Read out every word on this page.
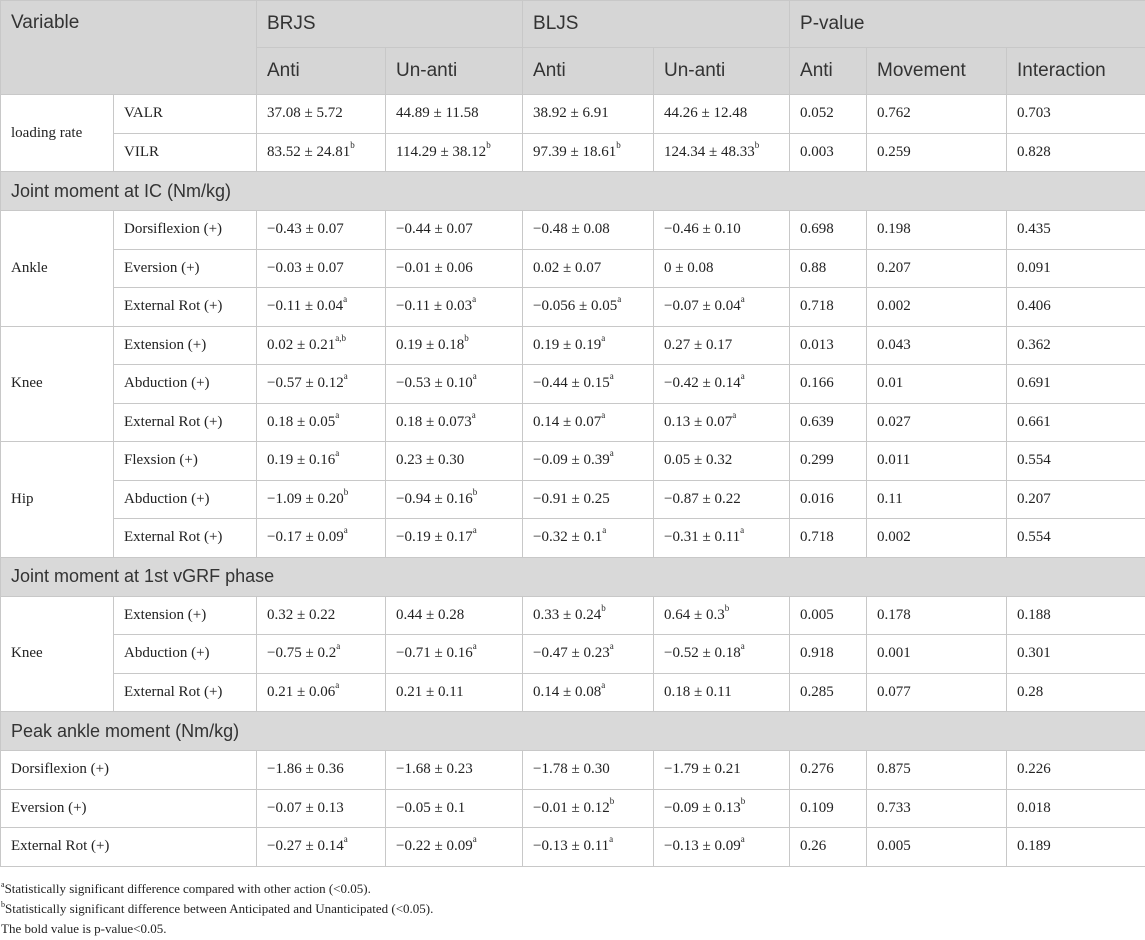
Variable		BRJS		BLJS		P-value		
		Anti	Un-anti	Anti	Un-anti	Anti	Movement	Interaction
loading rate	VALR	37.08 ± 5.72	44.89 ± 11.58	38.92 ± 6.91	44.26 ± 12.48	0.052	0.762	0.703
	VILR	83.52 ± 24.81$^b$	114.29 ± 38.12$^b$	97.39 ± 18.61$^b$	124.34 ± 48.33$^b$	0.003	0.259	0.828
Joint moment at IC (Nm/kg)								
Ankle	Dorsiflexion (+)	−0.43 ± 0.07	−0.44 ± 0.07	−0.48 ± 0.08	−0.46 ± 0.10	0.698	0.198	0.435
	Eversion (+)	−0.03 ± 0.07	−0.01 ± 0.06	0.02 ± 0.07	0 ± 0.08	0.88	0.207	0.091
	External Rot (+)	−0.11 ± 0.04$^a$	−0.11 ± 0.03$^a$	−0.056 ± 0.05$^a$	−0.07 ± 0.04$^a$	0.718	0.002	0.406
Knee	Extension (+)	$0.02 \pm 0.21^{a,b}$	0.19 ± 0.18$^b$	0.19 ± 0.19$^a$	0.27 ± 0.17	0.013	0.043	0.362
	Abduction (+)	−0.57 ± 0.12$^a$	−0.53 ± 0.10$^a$	−0.44 ± 0.15$^a$	−0.42 ± 0.14$^a$	0.166	0.01	0.691
	External Rot (+)	0.18 ± 0.05$^a$	0.18 ± 0.073$^a$	0.14 ± 0.07$^a$	0.13 ± 0.07$^a$	0.639	0.027	0.661
Hip	Flexsion (+)	0.19 ± 0.16$^a$	0.23 ± 0.30	−0.09 ± 0.39$^a$	0.05 ± 0.32	0.299	0.011	0.554
	Abduction (+)	−1.09 ± 0.20$^b$	−0.94 ± 0.16$^b$	−0.91 ± 0.25	−0.87 ± 0.22	0.016	0.11	0.207
	External Rot (+)	−0.17 ± 0.09$^a$	−0.19 ± 0.17$^a$	−0.32 ± 0.1$^a$	−0.31 ± 0.11$^a$	0.718	0.002	0.554
Joint moment at 1st vGRF phase								
Knee	Extension (+)	0.32 ± 0.22	0.44 ± 0.28	0.33 ± 0.24$^b$	0.64 ± 0.3$^b$	0.005	0.178	0.188
	Abduction (+)	−0.75 ± 0.2$^a$	−0.71 ± 0.16$^a$	−0.47 ± 0.23$^a$	−0.52 ± 0.18$^a$	0.918	0.001	0.301
	External Rot (+)	0.21 ± 0.06$^a$	0.21 ± 0.11	0.14 ± 0.08$^a$	0.18 ± 0.11	0.285	0.077	0.28
Peak ankle moment (Nm/kg)								
Dorsiflexion (+)		−1.86 ± 0.36	−1.68 ± 0.23	−1.78 ± 0.30	−1.79 ± 0.21	0.276	0.875	0.226
Eversion (+)		−0.07 ± 0.13	−0.05 ± 0.1	−0.01 ± 0.12$^b$	−0.09 ± 0.13$^b$	0.109	0.733	0.018
External Rot (+)		−0.27 ± 0.14$^a$	−0.22 ± 0.09$^a$	−0.13 ± 0.11$^a$	−0.13 ± 0.09$^a$	0.26	0.005	0.189
$^a$Statistically significant difference compared with other action (<0.05).
$^b$Statistically significant difference between Anticipated and Unanticipated (<0.05).
The bold value is p-value<0.05.
